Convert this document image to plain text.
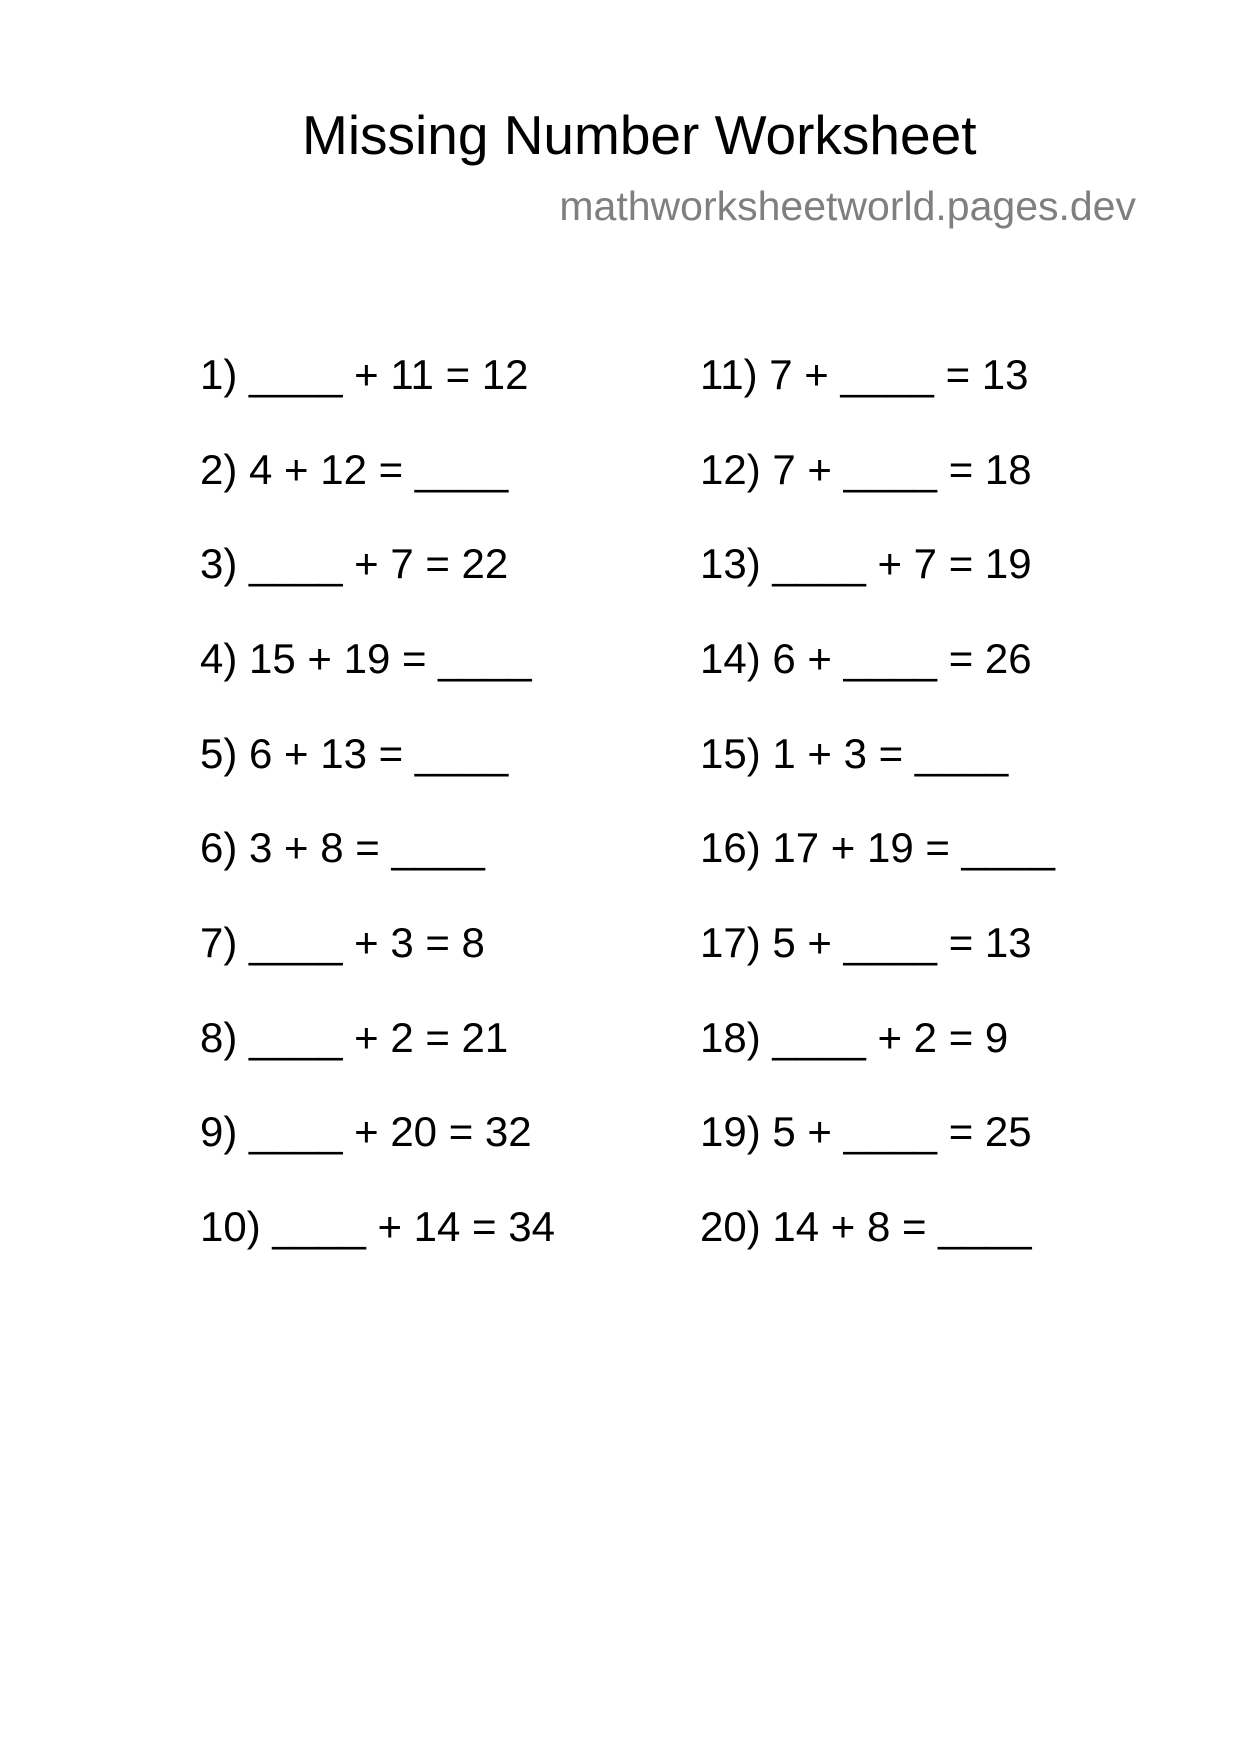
Missing Number Worksheet
mathworksheetworld.pages.dev
1) ____ + 11 = 12
2) 4 + 12 = ____
3) ____ + 7 = 22
4) 15 + 19 = ____
5) 6 + 13 = ____
6) 3 + 8 = ____
7) ____ + 3 = 8
8) ____ + 2 = 21
9) ____ + 20 = 32
10) ____ + 14 = 34
11) 7 + ____ = 13
12) 7 + ____ = 18
13) ____ + 7 = 19
14) 6 + ____ = 26
15) 1 + 3 = ____
16) 17 + 19 = ____
17) 5 + ____ = 13
18) ____ + 2 = 9
19) 5 + ____ = 25
20) 14 + 8 = ____
